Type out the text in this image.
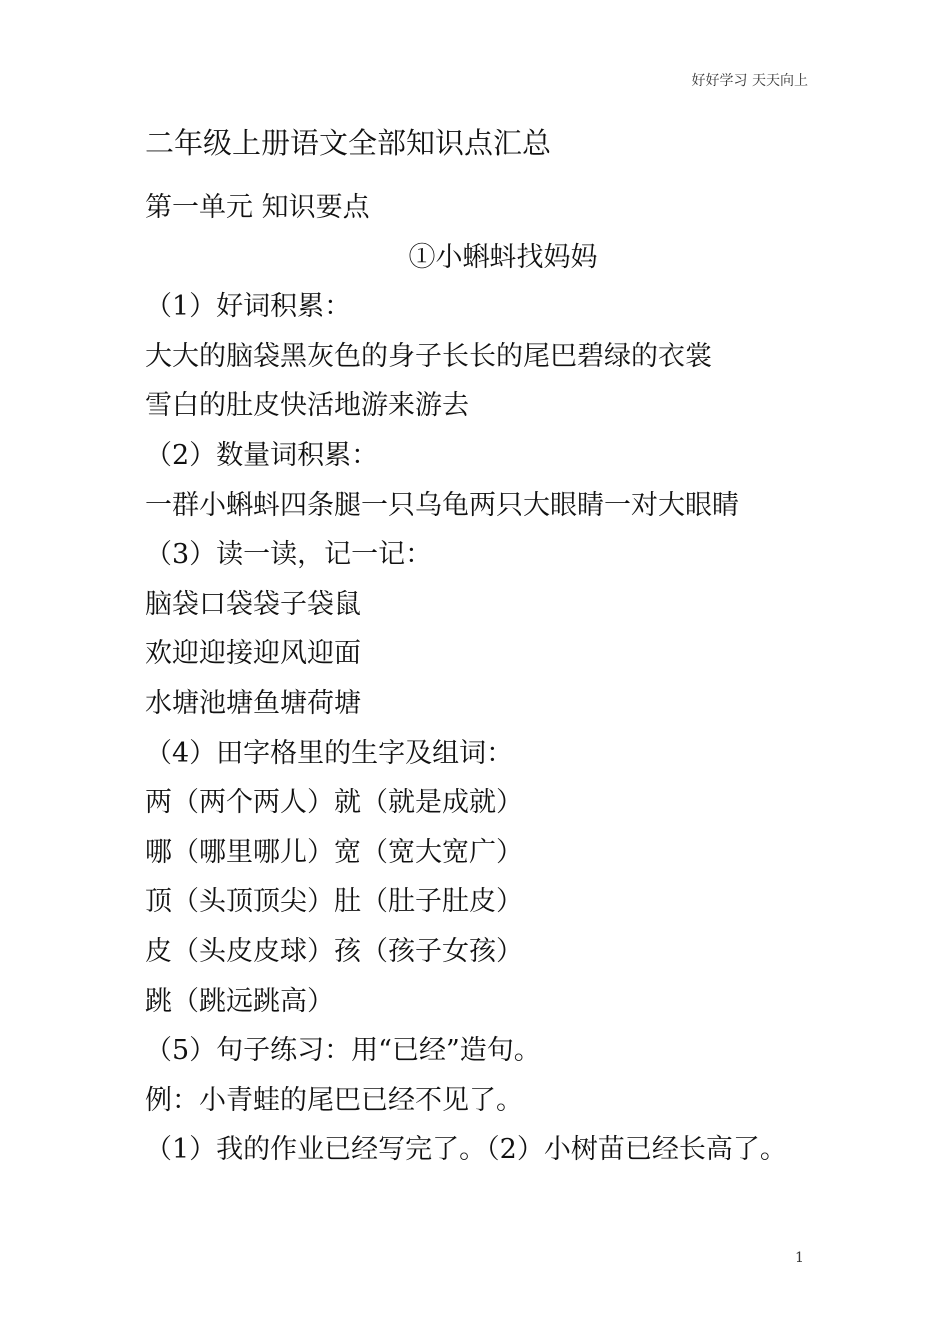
好好学习 天天向上
二年级上册语文全部知识点汇总
第一单元 知识要点
①小蝌蚪找妈妈
（1）好词积累：
大大的脑袋黑灰色的身子长长的尾巴碧绿的衣裳
雪白的肚皮快活地游来游去
（2）数量词积累：
一群小蝌蚪四条腿一只乌龟两只大眼睛一对大眼睛
（3）读一读，记一记：
脑袋口袋袋子袋鼠
欢迎迎接迎风迎面
水塘池塘鱼塘荷塘
（4）田字格里的生字及组词：
两（两个两人）就（就是成就）
哪（哪里哪儿）宽（宽大宽广）
顶（头顶顶尖）肚（肚子肚皮）
皮（头皮皮球）孩（孩子女孩）
跳（跳远跳高）
（5）句子练习：用“已经”造句。
例：小青蛙的尾巴已经不见了。
（1）我的作业已经写完了。（2）小树苗已经长高了。
1
